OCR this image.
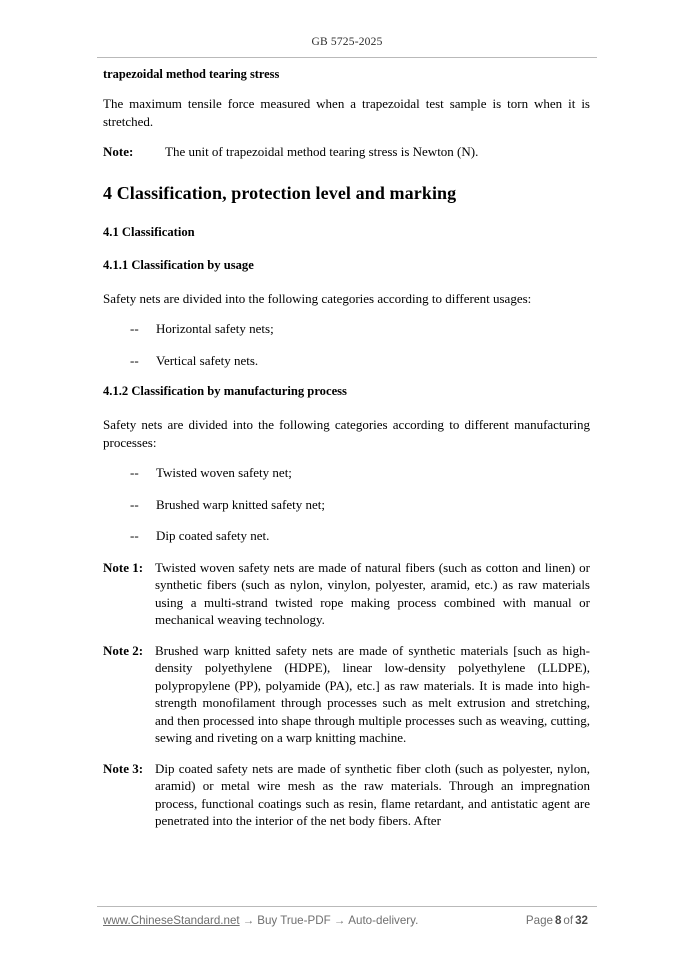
GB 5725-2025
trapezoidal method tearing stress

The maximum tensile force measured when a trapezoidal test sample is torn when it is stretched.

Note:	The unit of trapezoidal method tearing stress is Newton (N).
4 Classification, protection level and marking
4.1 Classification
4.1.1 Classification by usage

Safety nets are divided into the following categories according to different usages:

--	Horizontal safety nets;
--	Vertical safety nets.
4.1.2 Classification by manufacturing process

Safety nets are divided into the following categories according to different manufacturing processes:

--	Twisted woven safety net;
--	Brushed warp knitted safety net;
--	Dip coated safety net.
Note 1: Twisted woven safety nets are made of natural fibers (such as cotton and linen) or synthetic fibers (such as nylon, vinylon, polyester, aramid, etc.) as raw materials using a multi-strand twisted rope making process combined with manual or mechanical weaving technology.
Note 2: Brushed warp knitted safety nets are made of synthetic materials [such as high-density polyethylene (HDPE), linear low-density polyethylene (LLDPE), polypropylene (PP), polyamide (PA), etc.] as raw materials. It is made into high-strength monofilament through processes such as melt extrusion and stretching, and then processed into shape through multiple processes such as weaving, cutting, sewing and riveting on a warp knitting machine.
Note 3: Dip coated safety nets are made of synthetic fiber cloth (such as polyester, nylon, aramid) or metal wire mesh as the raw materials. Through an impregnation process, functional coatings such as resin, flame retardant, and antistatic agent are penetrated into the interior of the net body fibers. After
www.ChineseStandard.net → Buy True-PDF → Auto-delivery.	Page 8 of 32
